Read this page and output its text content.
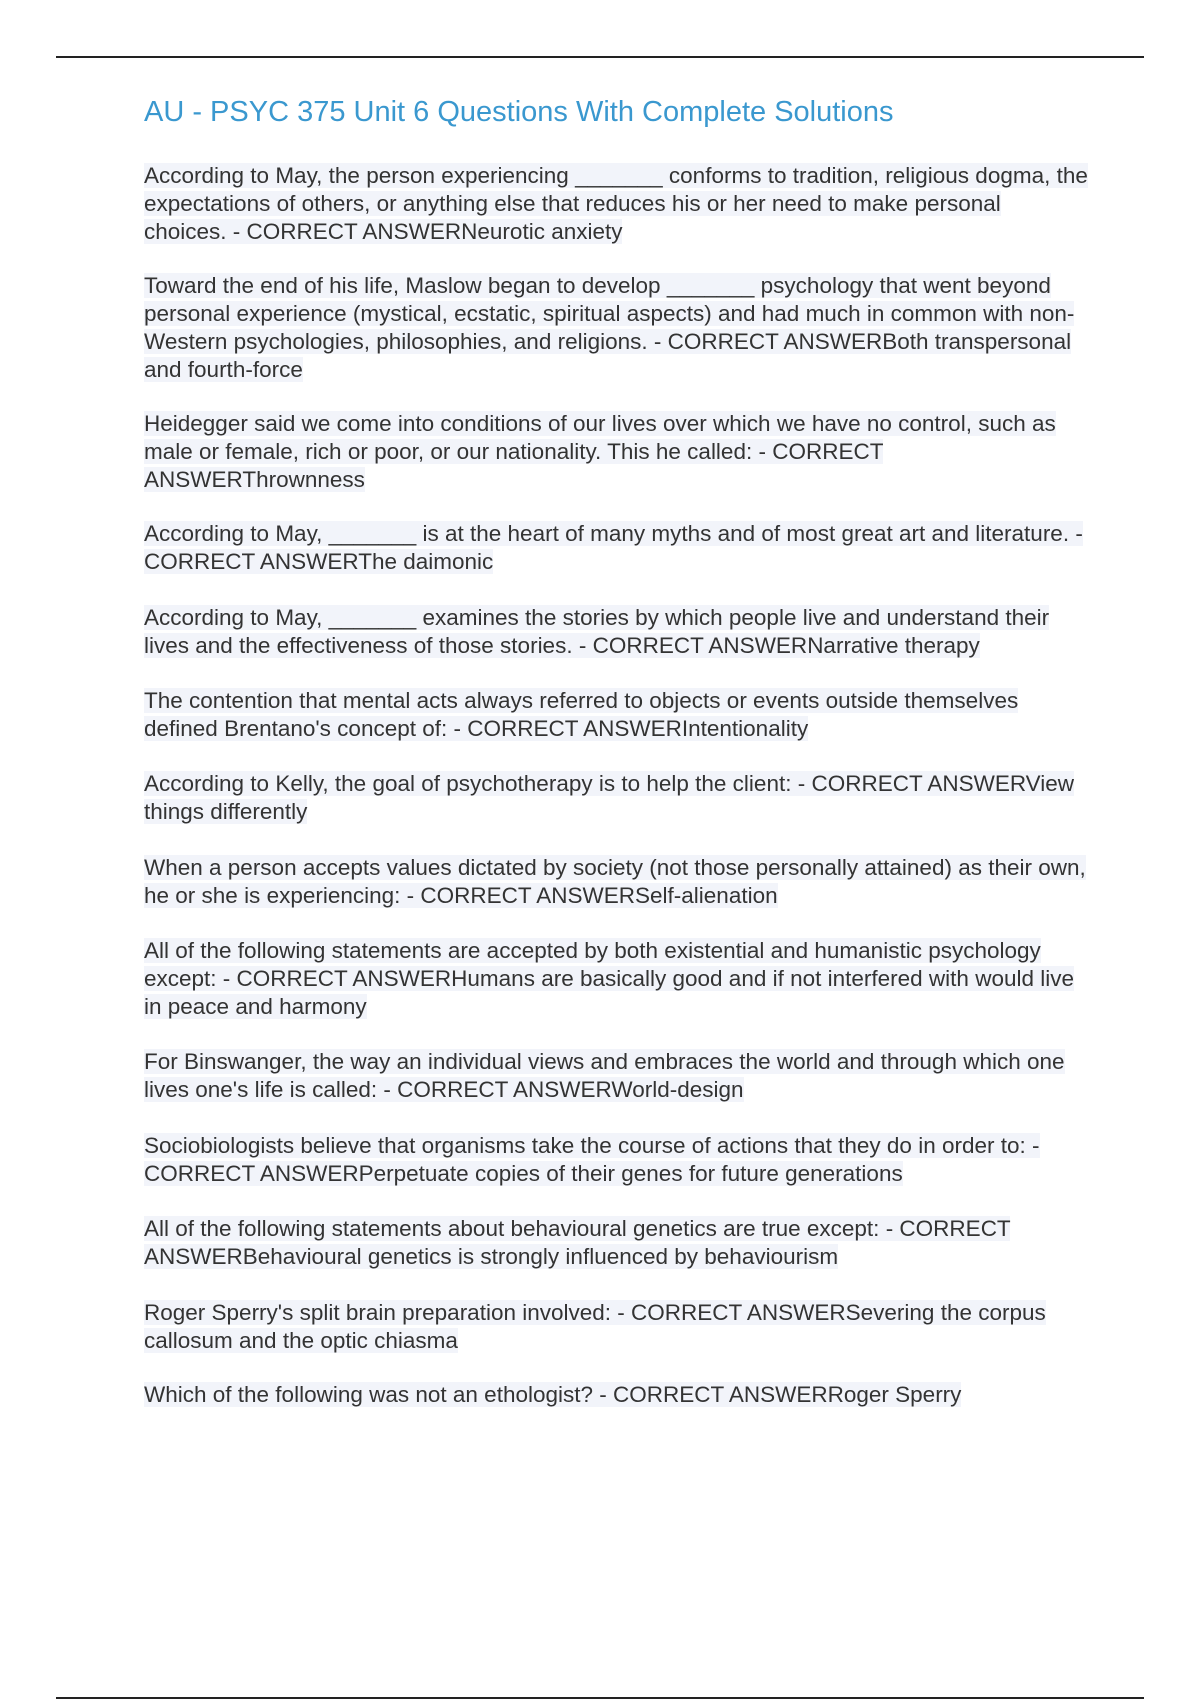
AU - PSYC 375 Unit 6 Questions With Complete Solutions

According to May, the person experiencing _______ conforms to tradition, religious dogma, the expectations of others, or anything else that reduces his or her need to make personal choices. - CORRECT ANSWERNeurotic anxiety

Toward the end of his life, Maslow began to develop _______ psychology that went beyond personal experience (mystical, ecstatic, spiritual aspects) and had much in common with non-Western psychologies, philosophies, and religions. - CORRECT ANSWERBoth transpersonal and fourth-force

Heidegger said we come into conditions of our lives over which we have no control, such as male or female, rich or poor, or our nationality. This he called: - CORRECT ANSWERThrownness

According to May, _______ is at the heart of many myths and of most great art and literature. - CORRECT ANSWERThe daimonic

According to May, _______ examines the stories by which people live and understand their lives and the effectiveness of those stories. - CORRECT ANSWERNarrative therapy

The contention that mental acts always referred to objects or events outside themselves defined Brentano's concept of: - CORRECT ANSWERIntentionality

According to Kelly, the goal of psychotherapy is to help the client: - CORRECT ANSWERView things differently

When a person accepts values dictated by society (not those personally attained) as their own, he or she is experiencing: - CORRECT ANSWERSelf-alienation

All of the following statements are accepted by both existential and humanistic psychology except: - CORRECT ANSWERHumans are basically good and if not interfered with would live in peace and harmony

For Binswanger, the way an individual views and embraces the world and through which one lives one's life is called: - CORRECT ANSWERWorld-design

Sociobiologists believe that organisms take the course of actions that they do in order to: - CORRECT ANSWERPerpetuate copies of their genes for future generations

All of the following statements about behavioural genetics are true except: - CORRECT ANSWERBehavioural genetics is strongly influenced by behaviourism

Roger Sperry's split brain preparation involved: - CORRECT ANSWERSevering the corpus callosum and the optic chiasma

Which of the following was not an ethologist? - CORRECT ANSWERRoger Sperry
